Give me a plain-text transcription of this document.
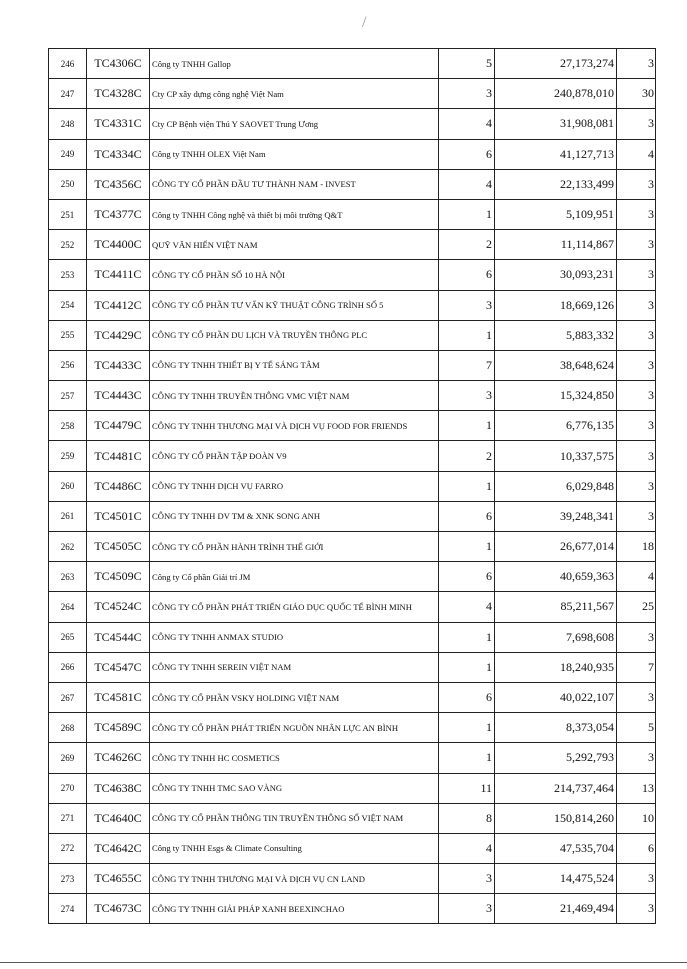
/
246	TC4306C	Công ty TNHH Gallop	5	27,173,274	3
247	TC4328C	Cty CP xây dựng công nghệ Việt Nam	3	240,878,010	30
248	TC4331C	Cty CP Bệnh viện Thú Y SAOVET Trung Ương	4	31,908,081	3
249	TC4334C	Công ty TNHH OLEX Việt Nam	6	41,127,713	4
250	TC4356C	CÔNG TY CỔ PHẦN ĐẦU TƯ THÀNH NAM - INVEST	4	22,133,499	3
251	TC4377C	Công ty TNHH Công nghệ và thiết bị môi trường Q&T	1	5,109,951	3
252	TC4400C	QUỸ VĂN HIẾN VIỆT NAM	2	11,114,867	3
253	TC4411C	CÔNG TY CỔ PHẦN SỐ 10 HÀ NỘI	6	30,093,231	3
254	TC4412C	CÔNG TY CỔ PHẦN TƯ VẤN KỸ THUẬT CÔNG TRÌNH SỐ 5	3	18,669,126	3
255	TC4429C	CÔNG TY CỔ PHẦN DU LỊCH VÀ TRUYỀN THÔNG PLC	1	5,883,332	3
256	TC4433C	CÔNG TY TNHH THIẾT BỊ Y TẾ SÁNG TÂM	7	38,648,624	3
257	TC4443C	CÔNG TY TNHH TRUYỀN THÔNG VMC VIỆT NAM	3	15,324,850	3
258	TC4479C	CÔNG TY TNHH THƯƠNG MẠI VÀ DỊCH VỤ FOOD FOR FRIENDS	1	6,776,135	3
259	TC4481C	CÔNG TY CỔ PHẦN TẬP ĐOÀN V9	2	10,337,575	3
260	TC4486C	CÔNG TY TNHH DỊCH VỤ FARRO	1	6,029,848	3
261	TC4501C	CÔNG TY TNHH DV TM & XNK SONG ANH	6	39,248,341	3
262	TC4505C	CÔNG TY CỔ PHẦN HÀNH TRÌNH THẾ GIỚI	1	26,677,014	18
263	TC4509C	Công ty Cổ phần Giải trí JM	6	40,659,363	4
264	TC4524C	CÔNG TY CỔ PHẦN PHÁT TRIỂN GIÁO DỤC QUỐC TẾ BÌNH MINH	4	85,211,567	25
265	TC4544C	CÔNG TY TNHH ANMAX STUDIO	1	7,698,608	3
266	TC4547C	CÔNG TY TNHH SEREIN VIỆT NAM	1	18,240,935	7
267	TC4581C	CÔNG TY CỔ PHẦN VSKY HOLDING VIỆT NAM	6	40,022,107	3
268	TC4589C	CÔNG TY CỔ PHẦN PHÁT TRIỂN NGUỒN NHÂN LỰC AN BÌNH	1	8,373,054	5
269	TC4626C	CÔNG TY TNHH HC COSMETICS	1	5,292,793	3
270	TC4638C	CÔNG TY TNHH TMC SAO VÀNG	11	214,737,464	13
271	TC4640C	CÔNG TY CỔ PHẦN THÔNG TIN TRUYỀN THÔNG SỐ VIỆT NAM	8	150,814,260	10
272	TC4642C	Công ty TNHH Esgs & Climate Consulting	4	47,535,704	6
273	TC4655C	CÔNG TY TNHH THƯƠNG MẠI VÀ DỊCH VỤ CN LAND	3	14,475,524	3
274	TC4673C	CÔNG TY TNHH GIẢI PHÁP XANH BEEXINCHAO	3	21,469,494	3
